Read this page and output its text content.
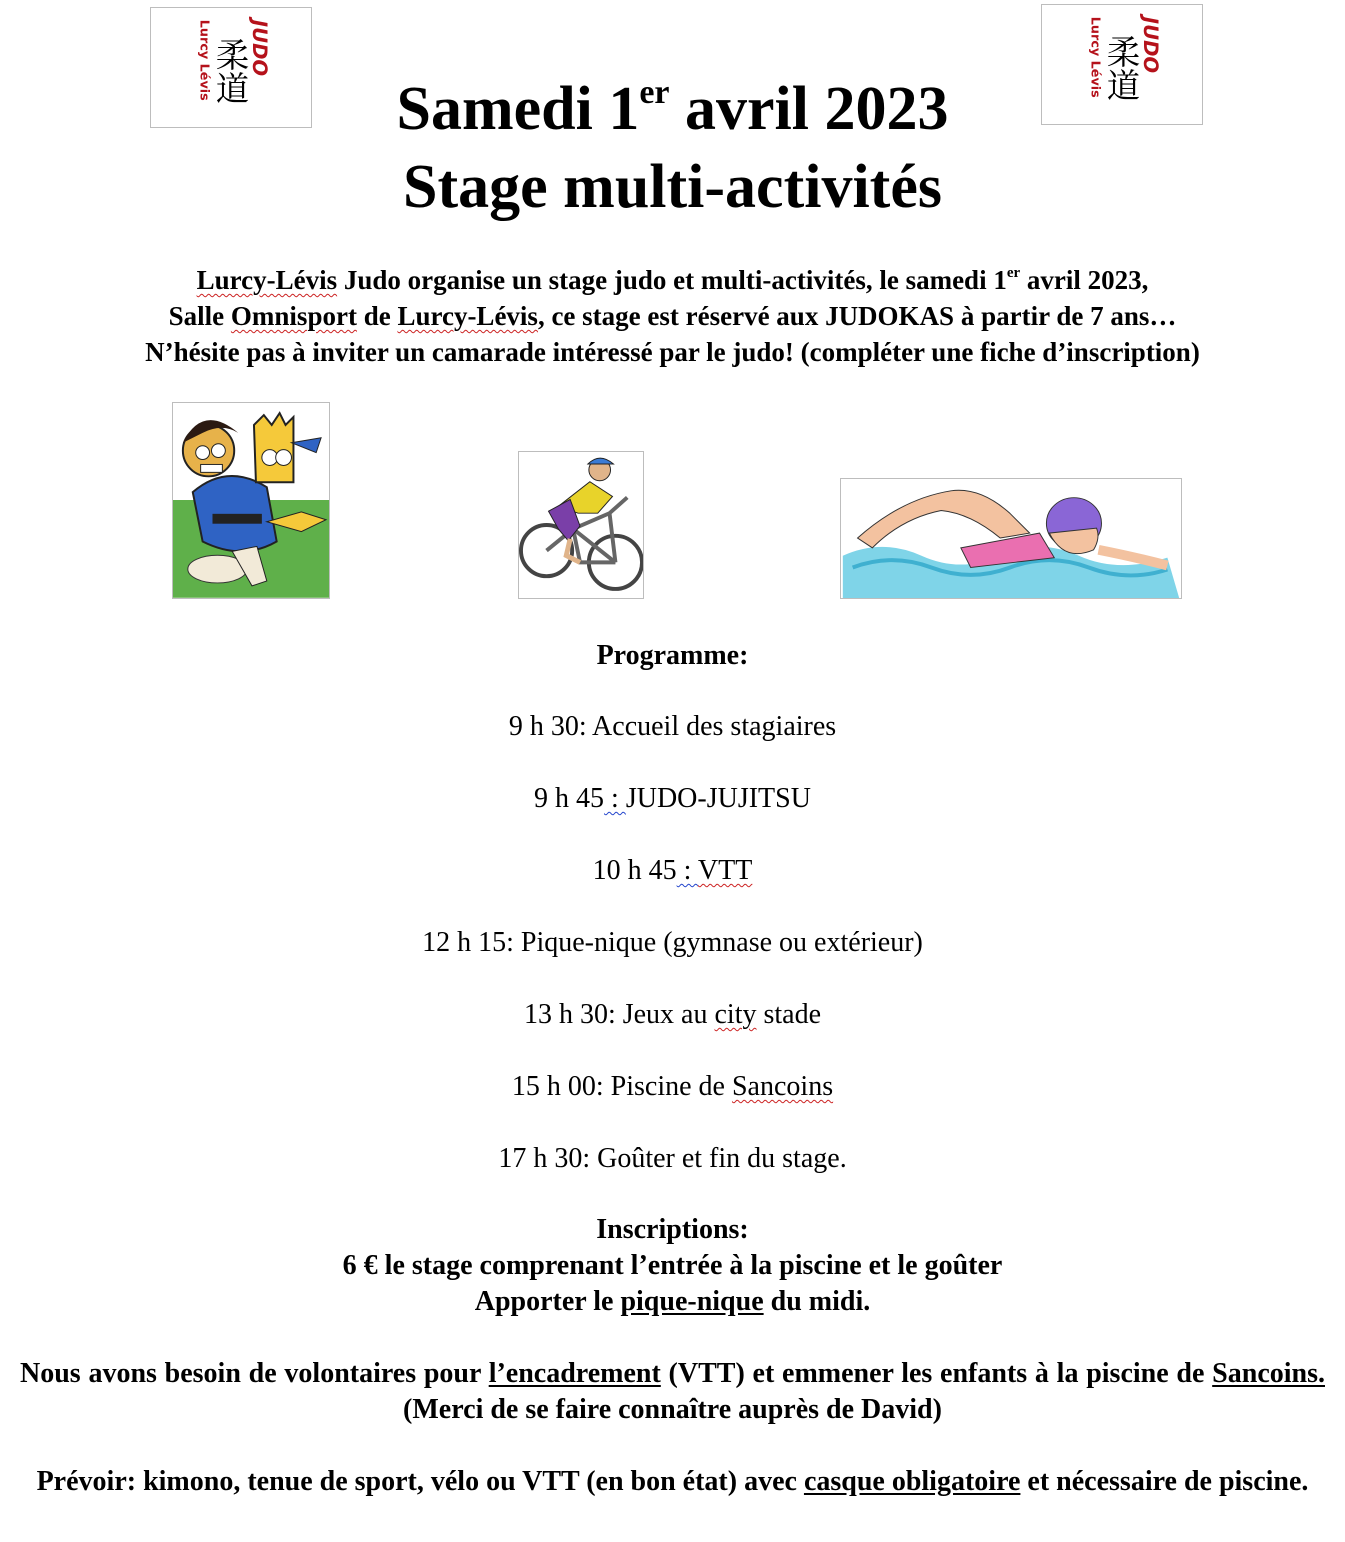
Lurcy Lévis 柔道
JUDO	Lurcy Lévis 柔道
JUDO
Samedi 1er avril 2023
Stage multi-activités

Lurcy-Lévis Judo organise un stage judo et multi-activités, le samedi 1er avril 2023,

Salle Omnisport de Lurcy-Lévis, ce stage est réservé aux JUDOKAS à partir de 7 ans…

N’hésite pas à inviter un camarade intéressé par le judo! (compléter une fiche d’inscription)

Programme:
9 h 30: Accueil des stagiaires
9 h 45 : JUDO-JUJITSU
10 h 45 : VTT
12 h 15: Pique-nique (gymnase ou extérieur)
13 h 30: Jeux au city stade
15 h 00: Piscine de Sancoins
17 h 30: Goûter et fin du stage.

Inscriptions:

6 € le stage comprenant l’entrée à la piscine et le goûter

Apporter le pique-nique du midi.

Nous avons besoin de volontaires pour l’encadrement (VTT) et emmener les enfants à la piscine de Sancoins. (Merci de se faire connaître auprès de David)

Prévoir: kimono, tenue de sport, vélo ou VTT (en bon état) avec casque obligatoire et nécessaire de piscine.
